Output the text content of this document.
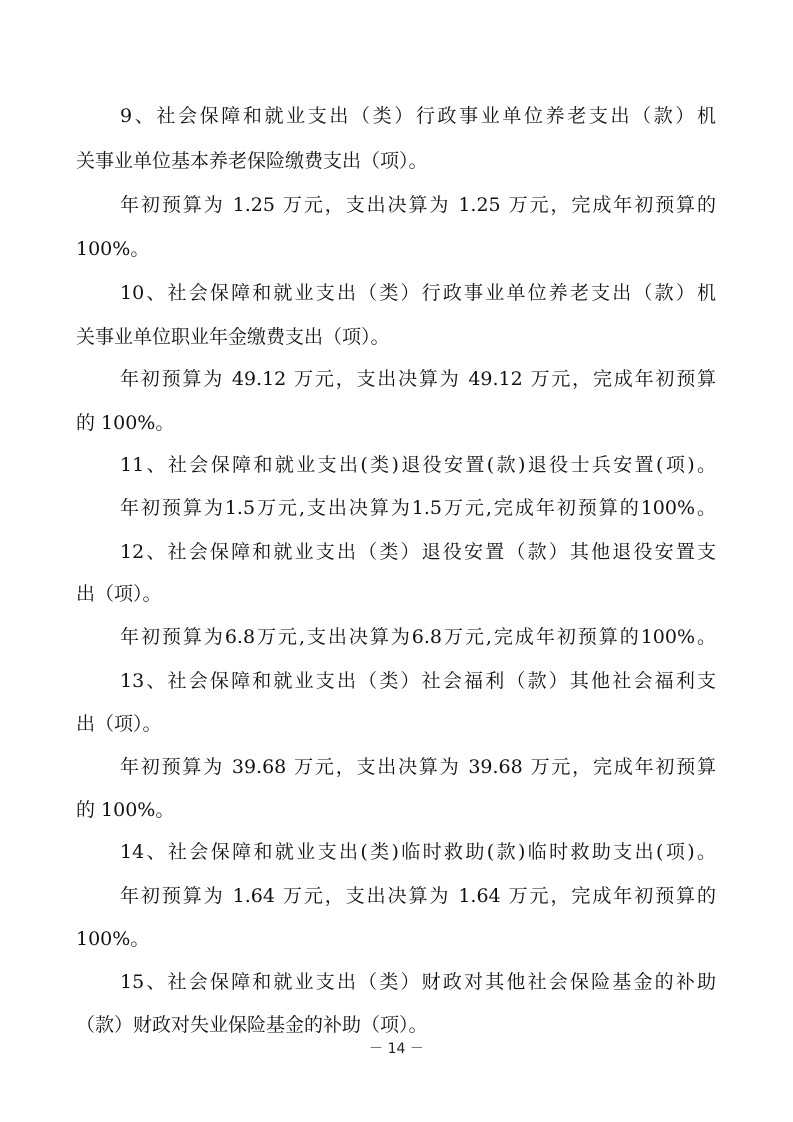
9、社会保障和就业支出（类）行政事业单位养老支出（款）机
关事业单位基本养老保险缴费支出（项）。
年初预算为 1.25 万元，支出决算为 1.25 万元，完成年初预算的
100%。
10、社会保障和就业支出（类）行政事业单位养老支出（款）机
关事业单位职业年金缴费支出（项）。
年初预算为 49.12 万元，支出决算为 49.12 万元，完成年初预算
的 100%。
11、社会保障和就业支出(类)退役安置(款)退役士兵安置(项)。
年初预算为1.5万元,支出决算为1.5万元,完成年初预算的100%。
12、社会保障和就业支出（类）退役安置（款）其他退役安置支
出（项）。
年初预算为6.8万元,支出决算为6.8万元,完成年初预算的100%。
13、社会保障和就业支出（类）社会福利（款）其他社会福利支
出（项）。
年初预算为 39.68 万元，支出决算为 39.68 万元，完成年初预算
的 100%。
14、社会保障和就业支出(类)临时救助(款)临时救助支出(项)。
年初预算为 1.64 万元，支出决算为 1.64 万元，完成年初预算的
100%。
15、社会保障和就业支出（类）财政对其他社会保险基金的补助
（款）财政对失业保险基金的补助（项）。
－ 14 －
